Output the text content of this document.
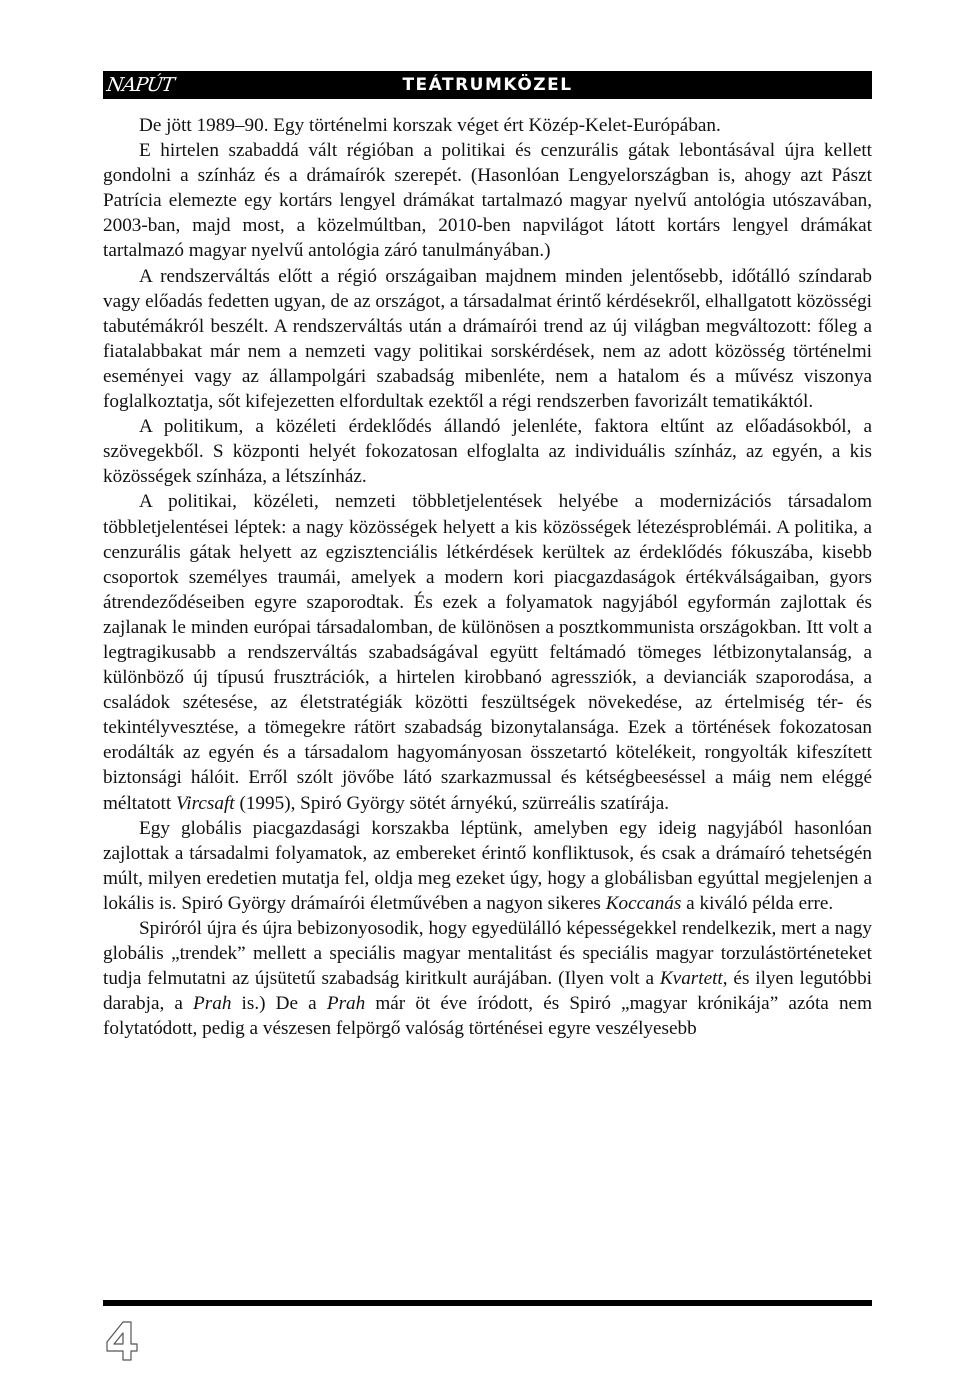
NAPÚT	TEÁTRUMKÖZEL

De jött 1989–90. Egy történelmi korszak véget ért Közép-Kelet-Európában.

E hirtelen szabaddá vált régióban a politikai és cenzurális gátak lebontásával újra kellett gondolni a színház és a drámaírók szerepét. (Hasonlóan Lengyelországban is, ahogy azt Pászt Patrícia elemezte egy kortárs lengyel drámákat tartalmazó magyar nyelvű antológia utószavában, 2003-ban, majd most, a közelmúltban, 2010-ben napvilágot látott kortárs lengyel drámákat tartalmazó magyar nyelvű antológia záró tanulmányában.)

A rendszerváltás előtt a régió országaiban majdnem minden jelentősebb, időtálló színdarab vagy előadás fedetten ugyan, de az országot, a társadalmat érintő kérdésekről, elhallgatott közösségi tabutémákról beszélt. A rendszerváltás után a drámaírói trend az új világban megváltozott: főleg a fiatalabbakat már nem a nemzeti vagy politikai sorskérdések, nem az adott közösség történelmi eseményei vagy az állampolgári szabadság mibenléte, nem a hatalom és a művész viszonya foglalkoztatja, sőt kifejezetten elfordultak ezektől a régi rendszerben favorizált tematikáktól.

A politikum, a közéleti érdeklődés állandó jelenléte, faktora eltűnt az előadásokból, a szövegekből. S központi helyét fokozatosan elfoglalta az individuális színház, az egyén, a kis közösségek színháza, a létszínház.

A politikai, közéleti, nemzeti többletjelentések helyébe a modernizációs társadalom többletjelentései léptek: a nagy közösségek helyett a kis közösségek létezésproblémái. A politika, a cenzurális gátak helyett az egzisztenciális létkérdések kerültek az érdeklődés fókuszába, kisebb csoportok személyes traumái, amelyek a modern kori piacgazdaságok értékválságaiban, gyors átrendeződéseiben egyre szaporodtak. És ezek a folyamatok nagyjából egyformán zajlottak és zajlanak le minden európai társadalomban, de különösen a posztkommunista országokban. Itt volt a legtragikusabb a rendszerváltás szabadságával együtt feltámadó tömeges létbizonytalanság, a különböző új típusú frusztrációk, a hirtelen kirobbanó agressziók, a devianciák szaporodása, a családok szétesése, az életstratégiák közötti feszültségek növekedése, az értelmiség tér- és tekintélyvesztése, a tömegekre rátört szabadság bizonytalansága. Ezek a történések fokozatosan erodálták az egyén és a társadalom hagyományosan összetartó kötelékeit, rongyolták kifeszített biztonsági hálóit. Erről szólt jövőbe látó szarkazmussal és kétségbeeséssel a máig nem eléggé méltatott Vircsaft (1995), Spiró György sötét árnyékú, szürreális szatírája.

Egy globális piacgazdasági korszakba léptünk, amelyben egy ideig nagyjából hasonlóan zajlottak a társadalmi folyamatok, az embereket érintő konfliktusok, és csak a drámaíró tehetségén múlt, milyen eredetien mutatja fel, oldja meg ezeket úgy, hogy a globálisban egyúttal megjelenjen a lokális is. Spiró György drámaírói életművében a nagyon sikeres Koccanás a kiváló példa erre.

Spiróról újra és újra bebizonyosodik, hogy egyedülálló képességekkel rendelkezik, mert a nagy globális „trendek” mellett a speciális magyar mentalitást és speciális magyar torzulástörténeteket tudja felmutatni az újsütetű szabadság kiritkult aurájában. (Ilyen volt a Kvartett, és ilyen legutóbbi darabja, a Prah is.) De a Prah már öt éve íródott, és Spiró „magyar krónikája” azóta nem folytatódott, pedig a vészesen felpörgő valóság történései egyre veszélyesebb
